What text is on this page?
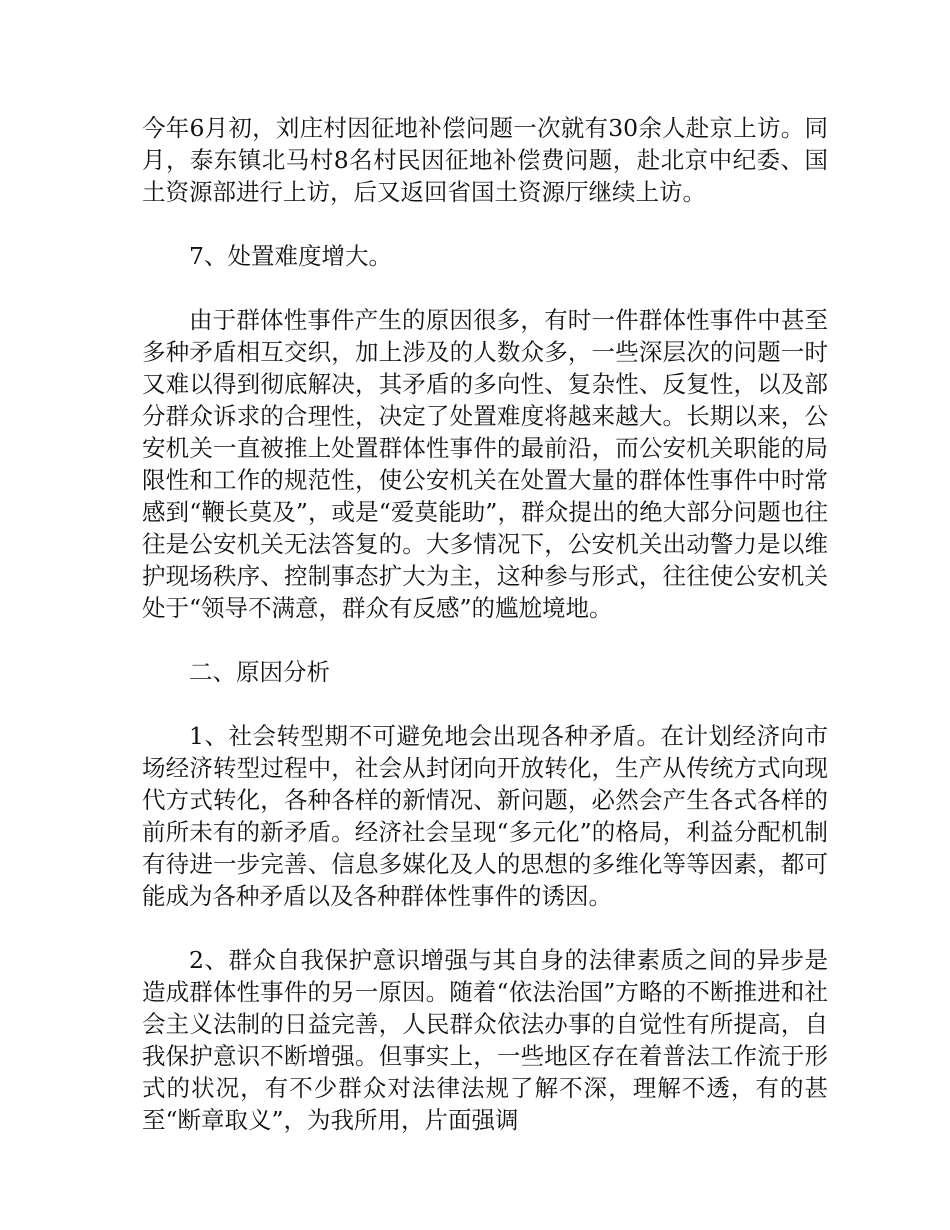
今年6月初，刘庄村因征地补偿问题一次就有30余人赴京上访。同月，泰东镇北马村8名村民因征地补偿费问题，赴北京中纪委、国土资源部进行上访，后又返回省国土资源厅继续上访。

7、处置难度增大。

由于群体性事件产生的原因很多，有时一件群体性事件中甚至多种矛盾相互交织，加上涉及的人数众多，一些深层次的问题一时又难以得到彻底解决，其矛盾的多向性、复杂性、反复性，以及部分群众诉求的合理性，决定了处置难度将越来越大。长期以来，公安机关一直被推上处置群体性事件的最前沿，而公安机关职能的局限性和工作的规范性，使公安机关在处置大量的群体性事件中时常感到“鞭长莫及”，或是“爱莫能助”，群众提出的绝大部分问题也往往是公安机关无法答复的。大多情况下，公安机关出动警力是以维护现场秩序、控制事态扩大为主，这种参与形式，往往使公安机关处于“领导不满意，群众有反感”的尴尬境地。

二、原因分析

1、社会转型期不可避免地会出现各种矛盾。在计划经济向市场经济转型过程中，社会从封闭向开放转化，生产从传统方式向现代方式转化，各种各样的新情况、新问题，必然会产生各式各样的前所未有的新矛盾。经济社会呈现“多元化”的格局，利益分配机制有待进一步完善、信息多媒化及人的思想的多维化等等因素，都可能成为各种矛盾以及各种群体性事件的诱因。

2、群众自我保护意识增强与其自身的法律素质之间的异步是造成群体性事件的另一原因。随着“依法治国”方略的不断推进和社会主义法制的日益完善，人民群众依法办事的自觉性有所提高，自我保护意识不断增强。但事实上，一些地区存在着普法工作流于形式的状况，有不少群众对法律法规了解不深，理解不透，有的甚至“断章取义”，为我所用，片面强调
